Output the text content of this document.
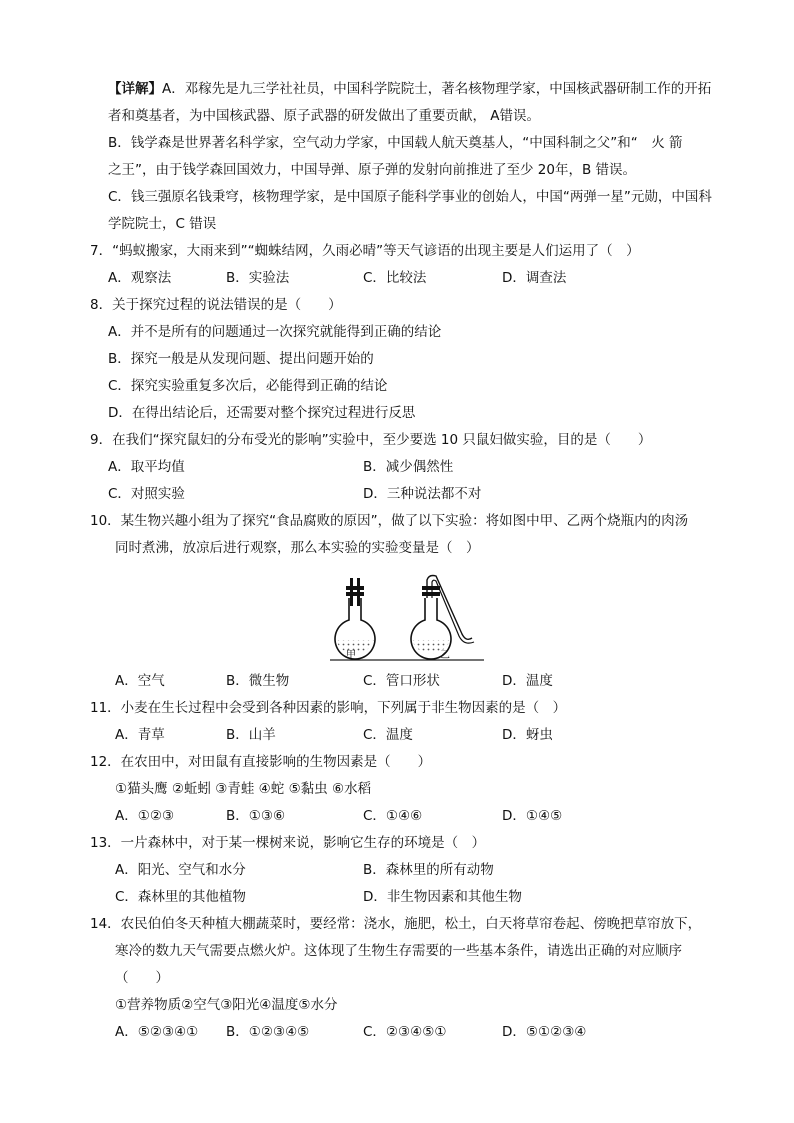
【详解】A．邓稼先是九三学社社员，中国科学院院士，著名核物理学家，中国核武器研制工作的开拓
者和奠基者，为中国核武器、原子武器的研发做出了重要贡献， A错误。
B．钱学森是世界著名科学家，空气动力学家，中国载人航天奠基人，“中国科制之父”和“　火 箭
之王”，由于钱学森回国效力，中国导弹、原子弹的发射向前推进了至少 20年，B 错误。
C．钱三强原名钱秉穹，核物理学家，是中国原子能科学事业的创始人，中国“两弹一星”元勋，中国科
学院院士，C 错误
7．“蚂蚁搬家，大雨来到”“蜘蛛结网，久雨必晴”等天气谚语的出现主要是人们运用了（　）
A．观察法	B．实验法	C．比较法	D．调查法
8．关于探究过程的说法错误的是（　　）
A．并不是所有的问题通过一次探究就能得到正确的结论
B．探究一般是从发现问题、提出问题开始的
C．探究实验重复多次后，必能得到正确的结论
D．在得出结论后，还需要对整个探究过程进行反思
9．在我们“探究鼠妇的分布受光的影响”实验中，至少要选 10 只鼠妇做实验，目的是（　　）
A．取平均值	B．减少偶然性
C．对照实验	D．三种说法都不对
10．某生物兴趣小组为了探究“食品腐败的原因”，做了以下实验：将如图中甲、乙两个烧瓶内的肉汤
同时煮沸，放凉后进行观察，那么本实验的实验变量是（　）
甲	乙
A．空气	B．微生物	C．管口形状	D．温度
11．小麦在生长过程中会受到各种因素的影响，下列属于非生物因素的是（　）
A．青草	B．山羊	C．温度	D．蚜虫
12．在农田中，对田鼠有直接影响的生物因素是（　　）
①猫头鹰 ②蚯蚓 ③青蛙 ④蛇 ⑤黏虫 ⑥水稻
A．①②③	B．①③⑥	C．①④⑥	D．①④⑤
13．一片森林中，对于某一棵树来说，影响它生存的环境是（　）
A．阳光、空气和水分	B．森林里的所有动物
C．森林里的其他植物	D．非生物因素和其他生物
14．农民伯伯冬天种植大棚蔬菜时，要经常：浇水，施肥，松土，白天将草帘卷起、傍晚把草帘放下，
寒冷的数九天气需要点燃火炉。这体现了生物生存需要的一些基本条件，请选出正确的对应顺序
（　　）
①营养物质②空气③阳光④温度⑤水分
A．⑤②③④① B．①②③④⑤	C．②③④⑤①	D．⑤①②③④
